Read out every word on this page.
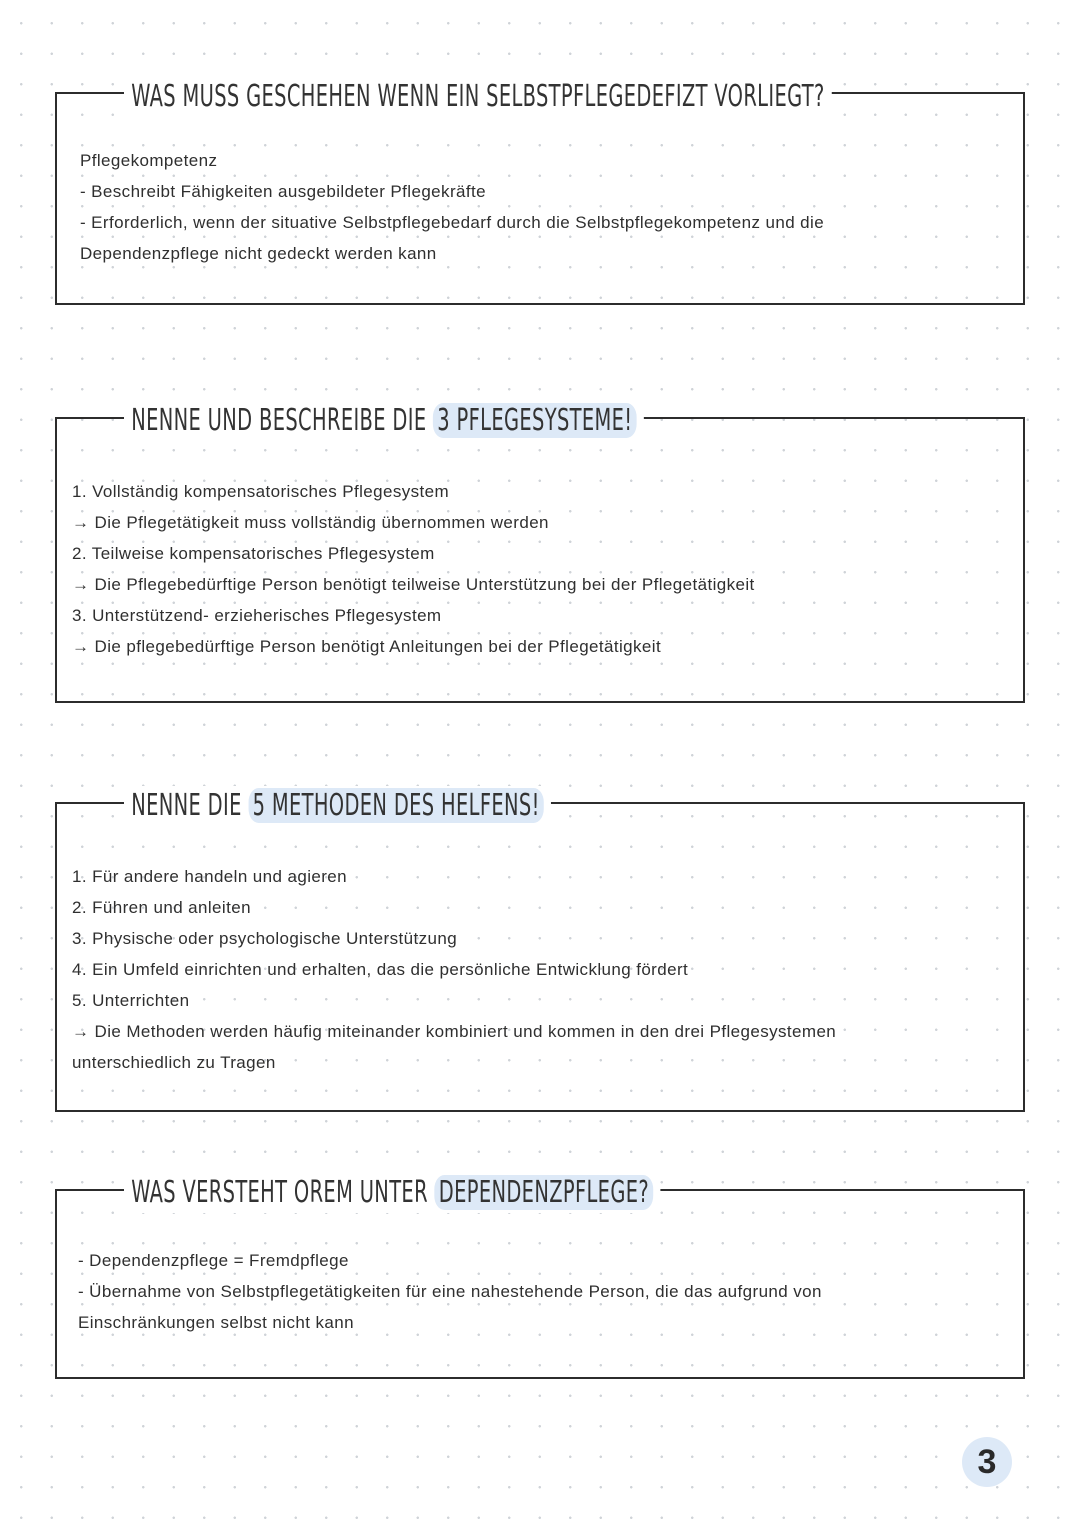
WAS MUSS GESCHEHEN WENN EIN SELBSTPFLEGEDEFIZT VORLIEGT?
Pflegekompetenz
- Beschreibt Fähigkeiten ausgebildeter Pflegekräfte
- Erforderlich, wenn der situative Selbstpflegebedarf durch die Selbstpflegekompetenz und die
Dependenzpflege nicht gedeckt werden kann
NENNE UND BESCHREIBE DIE 3 PFLEGESYSTEME!
1. Vollständig kompensatorisches Pflegesystem
→ Die Pflegetätigkeit muss vollständig übernommen werden
2. Teilweise kompensatorisches Pflegesystem
→ Die Pflegebedürftige Person benötigt teilweise Unterstützung bei der Pflegetätigkeit
3. Unterstützend- erzieherisches Pflegesystem
→ Die pflegebedürftige Person benötigt Anleitungen bei der Pflegetätigkeit
NENNE DIE 5 METHODEN DES HELFENS!
1. Für andere handeln und agieren
2. Führen und anleiten
3. Physische oder psychologische Unterstützung
4. Ein Umfeld einrichten und erhalten, das die persönliche Entwicklung fördert
5. Unterrichten
→ Die Methoden werden häufig miteinander kombiniert und kommen in den drei Pflegesystemen
unterschiedlich zu Tragen
WAS VERSTEHT OREM UNTER DEPENDENZPFLEGE?
- Dependenzpflege = Fremdpflege
- Übernahme von Selbstpflegetätigkeiten für eine nahestehende Person, die das aufgrund von
Einschränkungen selbst nicht kann
3
